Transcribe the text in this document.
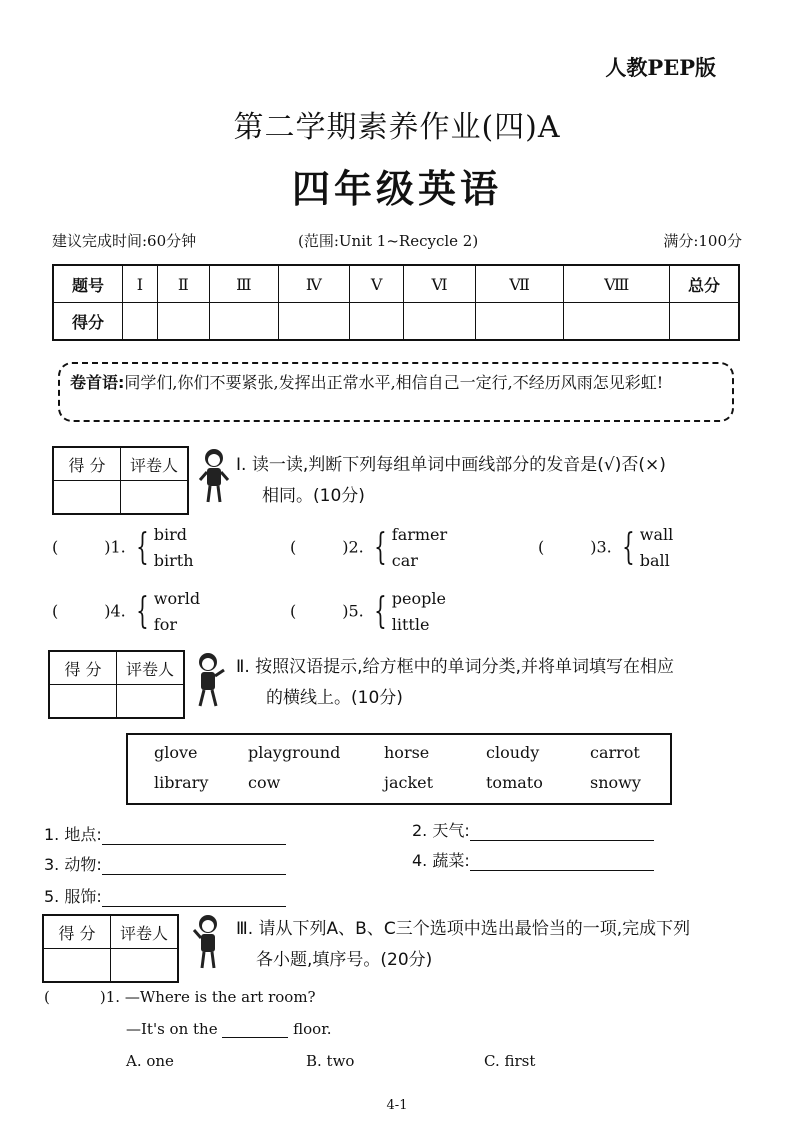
人教PEP版
第二学期素养作业(四)A
四年级英语
建议完成时间:60分钟	(范围:Unit 1~Recycle 2)	满分:100分
题号	I	Ⅱ	Ⅲ	Ⅳ	V	Ⅵ	Ⅶ	Ⅷ	总分
得分									
卷首语:同学们,你们不要紧张,发挥出正常水平,相信自己一定行,不经历风雨怎见彩虹!
得 分	评卷人
		I. 读一读,判断下列每组单词中画线部分的发音是(√)否(×)
相同。(10分)
(	)1. { bird
birth
(	)2. { farmer
car
(	)3. { wall
ball
(	)4. { world
for
(	)5. { people
little
得 分	评卷人
		Ⅱ. 按照汉语提示,给方框中的单词分类,并将单词填写在相应
的横线上。(10分)
glove	playground	horse	cloudy	carrot
library cow	jacket	tomato	snowy
1. 地点:	2. 天气:
3. 动物:	4. 蔬菜:
5. 服饰:
得 分	评卷人
		Ⅲ. 请从下列A、B、C三个选项中选出最恰当的一项,完成下列
各小题,填序号。(20分)
(	)1. —Where is the art room?
—It's on the	floor.
A. one	B. two	C. first
4-1
